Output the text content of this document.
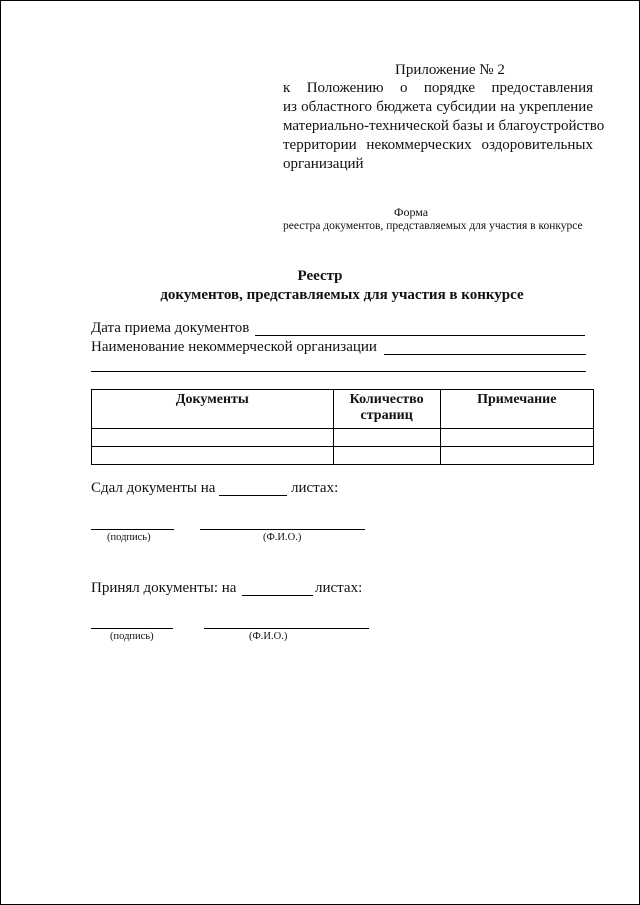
Приложение № 2
к Положению о порядке предоставления
из областного бюджета субсидии на укрепление
материально-технической базы и благоустройство
территории некоммерческих оздоровительных
организаций
Форма
реестра документов, представляемых для участия в конкурсе
Реестр
документов, представляемых для участия в конкурсе
Дата приема документов
Наименование некоммерческой организации
Документы	Количество страниц	Примечание

Сдал документы на	листах:
(подпись)	(Ф.И.О.)
Принял документы: на	листах:
(подпись)	(Ф.И.О.)
